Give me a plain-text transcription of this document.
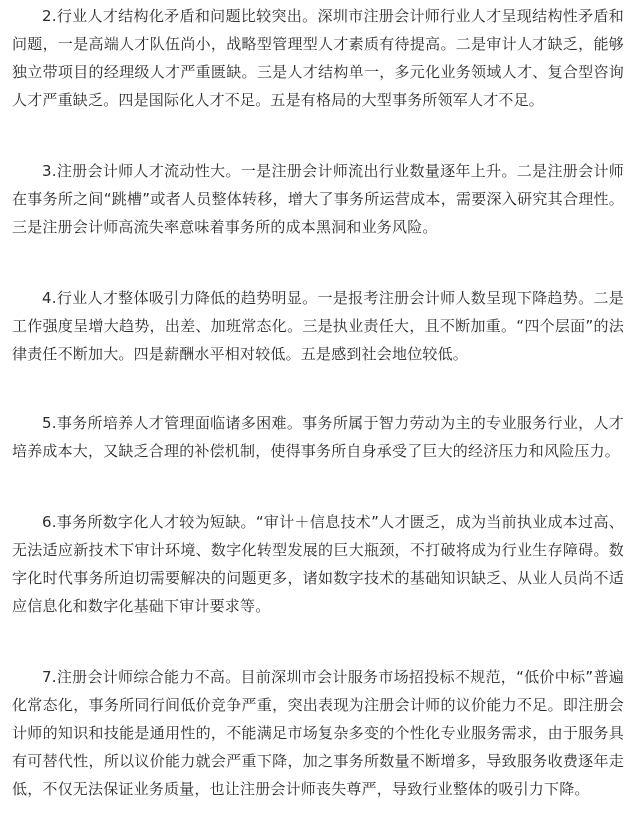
2.行业人才结构化矛盾和问题比较突出。深圳市注册会计师行业人才呈现结构性矛盾和问题，一是高端人才队伍尚小，战略型管理型人才素质有待提高。二是审计人才缺乏，能够独立带项目的经理级人才严重匮缺。三是人才结构单一，多元化业务领域人才、复合型咨询人才严重缺乏。四是国际化人才不足。五是有格局的大型事务所领军人才不足。

3.注册会计师人才流动性大。一是注册会计师流出行业数量逐年上升。二是注册会计师在事务所之间“跳槽”或者人员整体转移，增大了事务所运营成本，需要深入研究其合理性。三是注册会计师高流失率意味着事务所的成本黑洞和业务风险。

4.行业人才整体吸引力降低的趋势明显。一是报考注册会计师人数呈现下降趋势。二是工作强度呈增大趋势，出差、加班常态化。三是执业责任大，且不断加重。“四个层面”的法律责任不断加大。四是薪酬水平相对较低。五是感到社会地位较低。

5.事务所培养人才管理面临诸多困难。事务所属于智力劳动为主的专业服务行业，人才培养成本大，又缺乏合理的补偿机制，使得事务所自身承受了巨大的经济压力和风险压力。

6.事务所数字化人才较为短缺。“审计＋信息技术”人才匮乏，成为当前执业成本过高、无法适应新技术下审计环境、数字化转型发展的巨大瓶颈，不打破将成为行业生存障碍。数字化时代事务所迫切需要解决的问题更多，诸如数字技术的基础知识缺乏、从业人员尚不适应信息化和数字化基础下审计要求等。

7.注册会计师综合能力不高。目前深圳市会计服务市场招投标不规范，“低价中标”普遍化常态化，事务所同行间低价竞争严重，突出表现为注册会计师的议价能力不足。即注册会计师的知识和技能是通用性的，不能满足市场复杂多变的个性化专业服务需求，由于服务具有可替代性，所以议价能力就会严重下降，加之事务所数量不断增多，导致服务收费逐年走低，不仅无法保证业务质量，也让注册会计师丧失尊严，导致行业整体的吸引力下降。
